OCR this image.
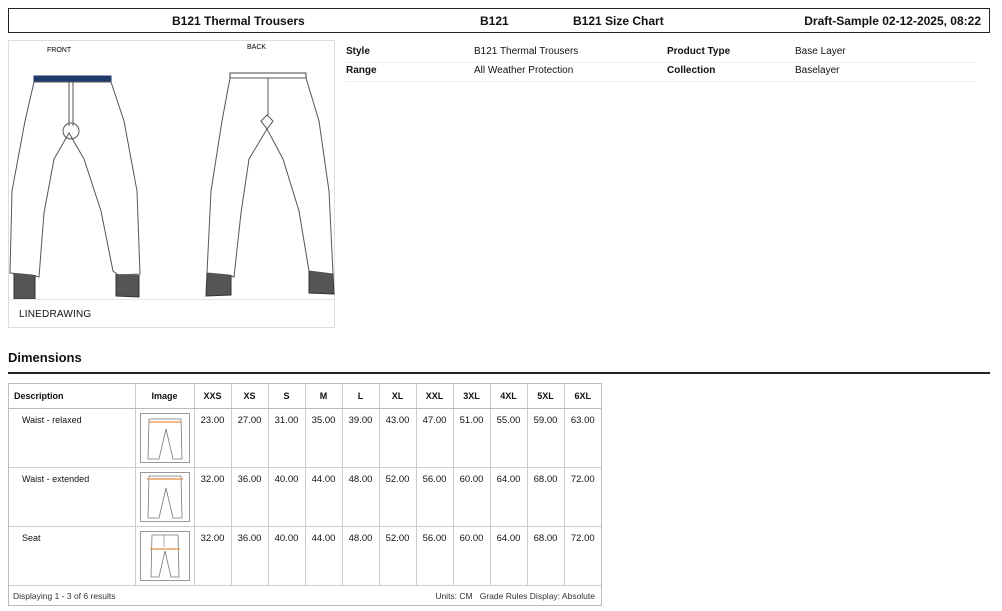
B121 Thermal Trousers	B121	B121 Size Chart	Draft-Sample 02-12-2025, 08:22
FRONT	BACK
LINEDRAWING
Style	B121 Thermal Trousers	Product Type	Base Layer
Range	All Weather Protection	Collection	Baselayer
Dimensions
Description	Image	XXS	XS	S	M	L	XL	XXL	3XL	4XL	5XL	6XL
Waist - relaxed		23.00	27.00	31.00	35.00	39.00	43.00	47.00	51.00	55.00	59.00	63.00
Waist - extended		32.00	36.00	40.00	44.00	48.00	52.00	56.00	60.00	64.00	68.00	72.00
Seat		32.00	36.00	40.00	44.00	48.00	52.00	56.00	60.00	64.00	68.00	72.00
Displaying 1 - 3 of 6 results	Units: CM Grade Rules Display: Absolute
